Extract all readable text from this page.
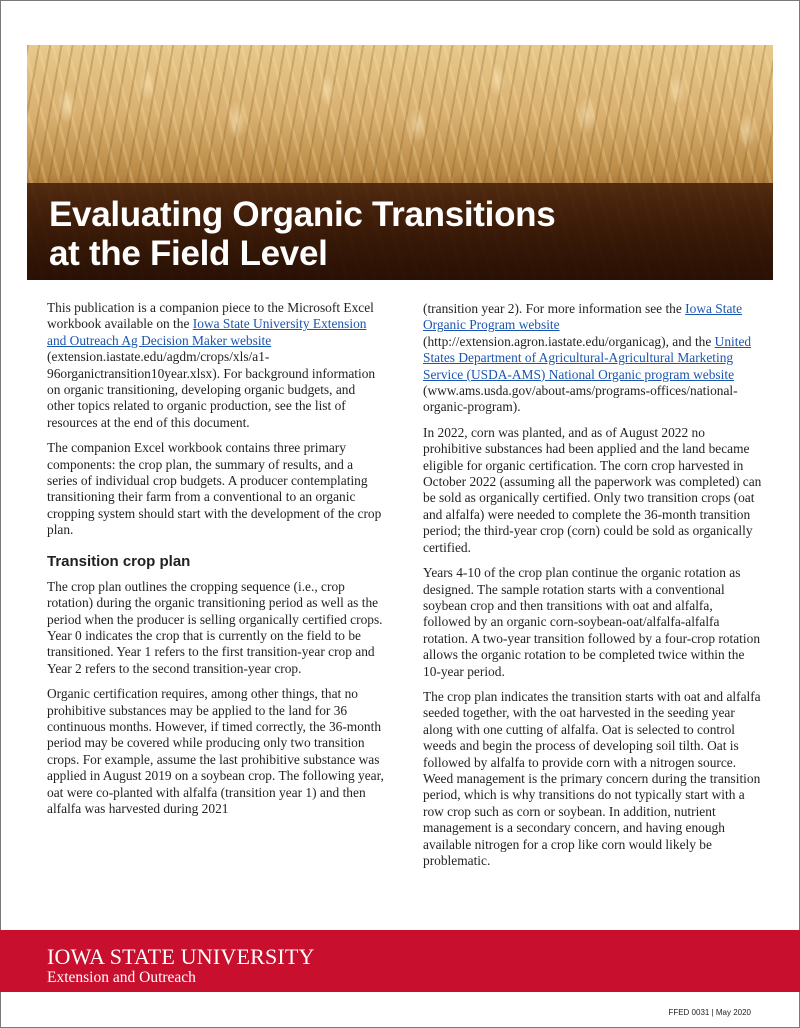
Evaluating Organic Transitions
at the Field Level

This publication is a companion piece to the Microsoft Excel workbook available on the Iowa State University Extension and Outreach Ag Decision Maker website (extension.iastate.edu/agdm/crops/xls/a1-96organictransition10year.xlsx). For background information on organic transitioning, developing organic budgets, and other topics related to organic production, see the list of resources at the end of this document.

The companion Excel workbook contains three primary components: the crop plan, the summary of results, and a series of individual crop budgets. A producer contemplating transitioning their farm from a conventional to an organic cropping system should start with the development of the crop plan.

Transition crop plan

The crop plan outlines the cropping sequence (i.e., crop rotation) during the organic transitioning period as well as the period when the producer is selling organically certified crops. Year 0 indicates the crop that is currently on the field to be transitioned. Year 1 refers to the first transition-year crop and Year 2 refers to the second transition-year crop.

Organic certification requires, among other things, that no prohibitive substances may be applied to the land for 36 continuous months. However, if timed correctly, the 36-month period may be covered while producing only two transition crops. For example, assume the last prohibitive substance was applied in August 2019 on a soybean crop. The following year, oat were co-planted with alfalfa (transition year 1) and then alfalfa was harvested during 2021

(transition year 2). For more information see the Iowa State Organic Program website (http://extension.agron.iastate.edu/organicag), and the United States Department of Agricultural-Agricultural Marketing Service (USDA-AMS) National Organic program website (www.ams.usda.gov/about-ams/programs-offices/national-organic-program).

In 2022, corn was planted, and as of August 2022 no prohibitive substances had been applied and the land became eligible for organic certification. The corn crop harvested in October 2022 (assuming all the paperwork was completed) can be sold as organically certified. Only two transition crops (oat and alfalfa) were needed to complete the 36-month transition period; the third-year crop (corn) could be sold as organically certified.

Years 4-10 of the crop plan continue the organic rotation as designed. The sample rotation starts with a conventional soybean crop and then transitions with oat and alfalfa, followed by an organic corn-soybean-oat/alfalfa-alfalfa rotation. A two-year transition followed by a four-crop rotation allows the organic rotation to be completed twice within the 10-year period.

The crop plan indicates the transition starts with oat and alfalfa seeded together, with the oat harvested in the seeding year along with one cutting of alfalfa. Oat is selected to control weeds and begin the process of developing soil tilth. Oat is followed by alfalfa to provide corn with a nitrogen source. Weed management is the primary concern during the transition period, which is why transitions do not typically start with a row crop such as corn or soybean. In addition, nutrient management is a secondary concern, and having enough available nitrogen for a crop like corn would likely be problematic.

IOWA STATE UNIVERSITY

Extension and Outreach

FFED 0031 | May 2020
